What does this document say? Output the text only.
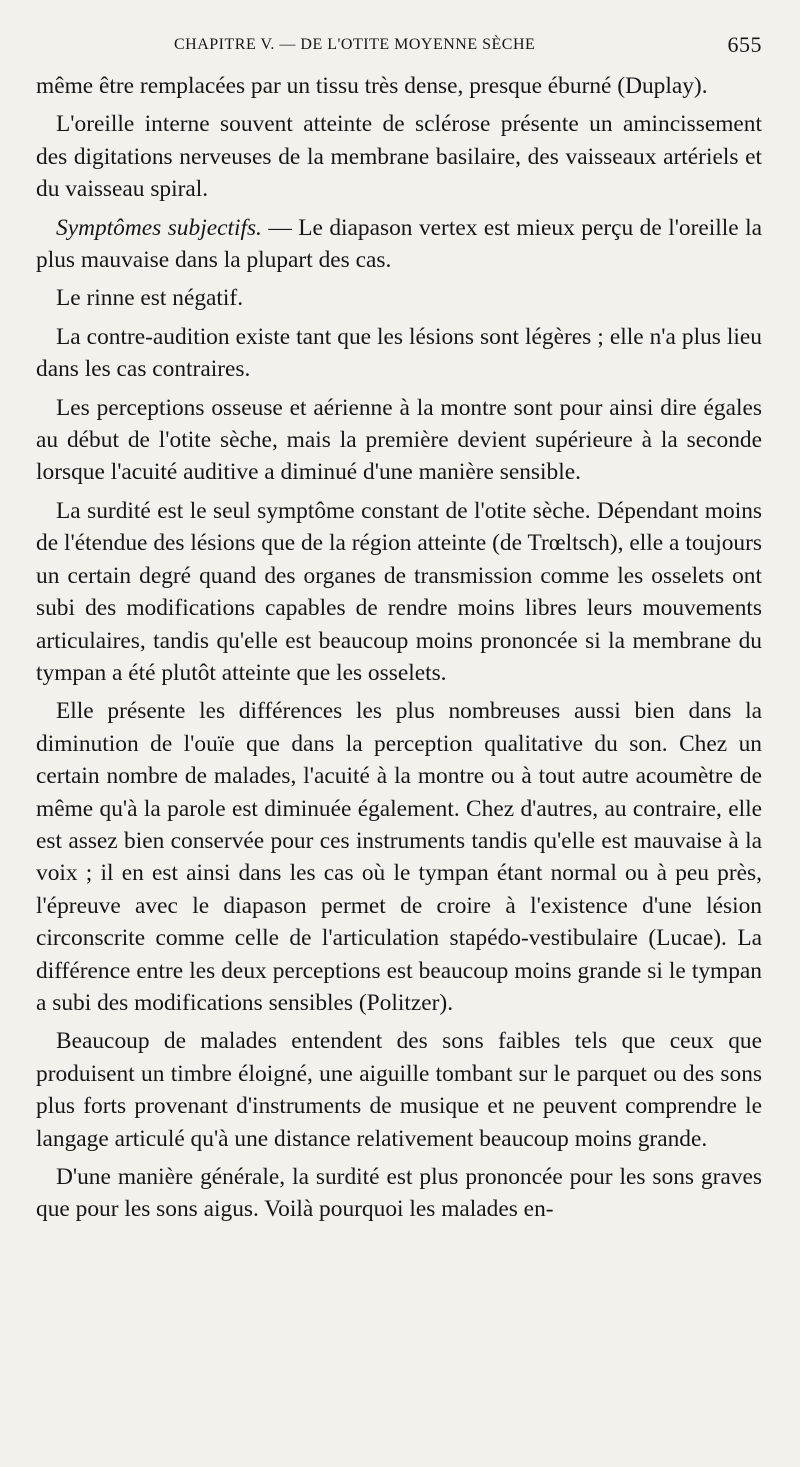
CHAPITRE V. — DE L'OTITE MOYENNE SÈCHE	655

même être remplacées par un tissu très dense, presque éburné (Duplay).

L'oreille interne souvent atteinte de sclérose présente un amincissement des digitations nerveuses de la membrane basilaire, des vaisseaux artériels et du vaisseau spiral.

Symptômes subjectifs. — Le diapason vertex est mieux perçu de l'oreille la plus mauvaise dans la plupart des cas.

Le rinne est négatif.

La contre-audition existe tant que les lésions sont légères ; elle n'a plus lieu dans les cas contraires.

Les perceptions osseuse et aérienne à la montre sont pour ainsi dire égales au début de l'otite sèche, mais la première devient supérieure à la seconde lorsque l'acuité auditive a diminué d'une manière sensible.

La surdité est le seul symptôme constant de l'otite sèche. Dépendant moins de l'étendue des lésions que de la région atteinte (de Trœltsch), elle a toujours un certain degré quand des organes de transmission comme les osselets ont subi des modifications capables de rendre moins libres leurs mouvements articulaires, tandis qu'elle est beaucoup moins prononcée si la membrane du tympan a été plutôt atteinte que les osselets.

Elle présente les différences les plus nombreuses aussi bien dans la diminution de l'ouïe que dans la perception qualitative du son. Chez un certain nombre de malades, l'acuité à la montre ou à tout autre acoumètre de même qu'à la parole est diminuée également. Chez d'autres, au contraire, elle est assez bien conservée pour ces instruments tandis qu'elle est mauvaise à la voix ; il en est ainsi dans les cas où le tympan étant normal ou à peu près, l'épreuve avec le diapason permet de croire à l'existence d'une lésion circonscrite comme celle de l'articulation stapédo-vestibulaire (Lucae). La différence entre les deux perceptions est beaucoup moins grande si le tympan a subi des modifications sensibles (Politzer).

Beaucoup de malades entendent des sons faibles tels que ceux que produisent un timbre éloigné, une aiguille tombant sur le parquet ou des sons plus forts provenant d'instruments de musique et ne peuvent comprendre le langage articulé qu'à une distance relativement beaucoup moins grande.

D'une manière générale, la surdité est plus prononcée pour les sons graves que pour les sons aigus. Voilà pourquoi les malades en-
